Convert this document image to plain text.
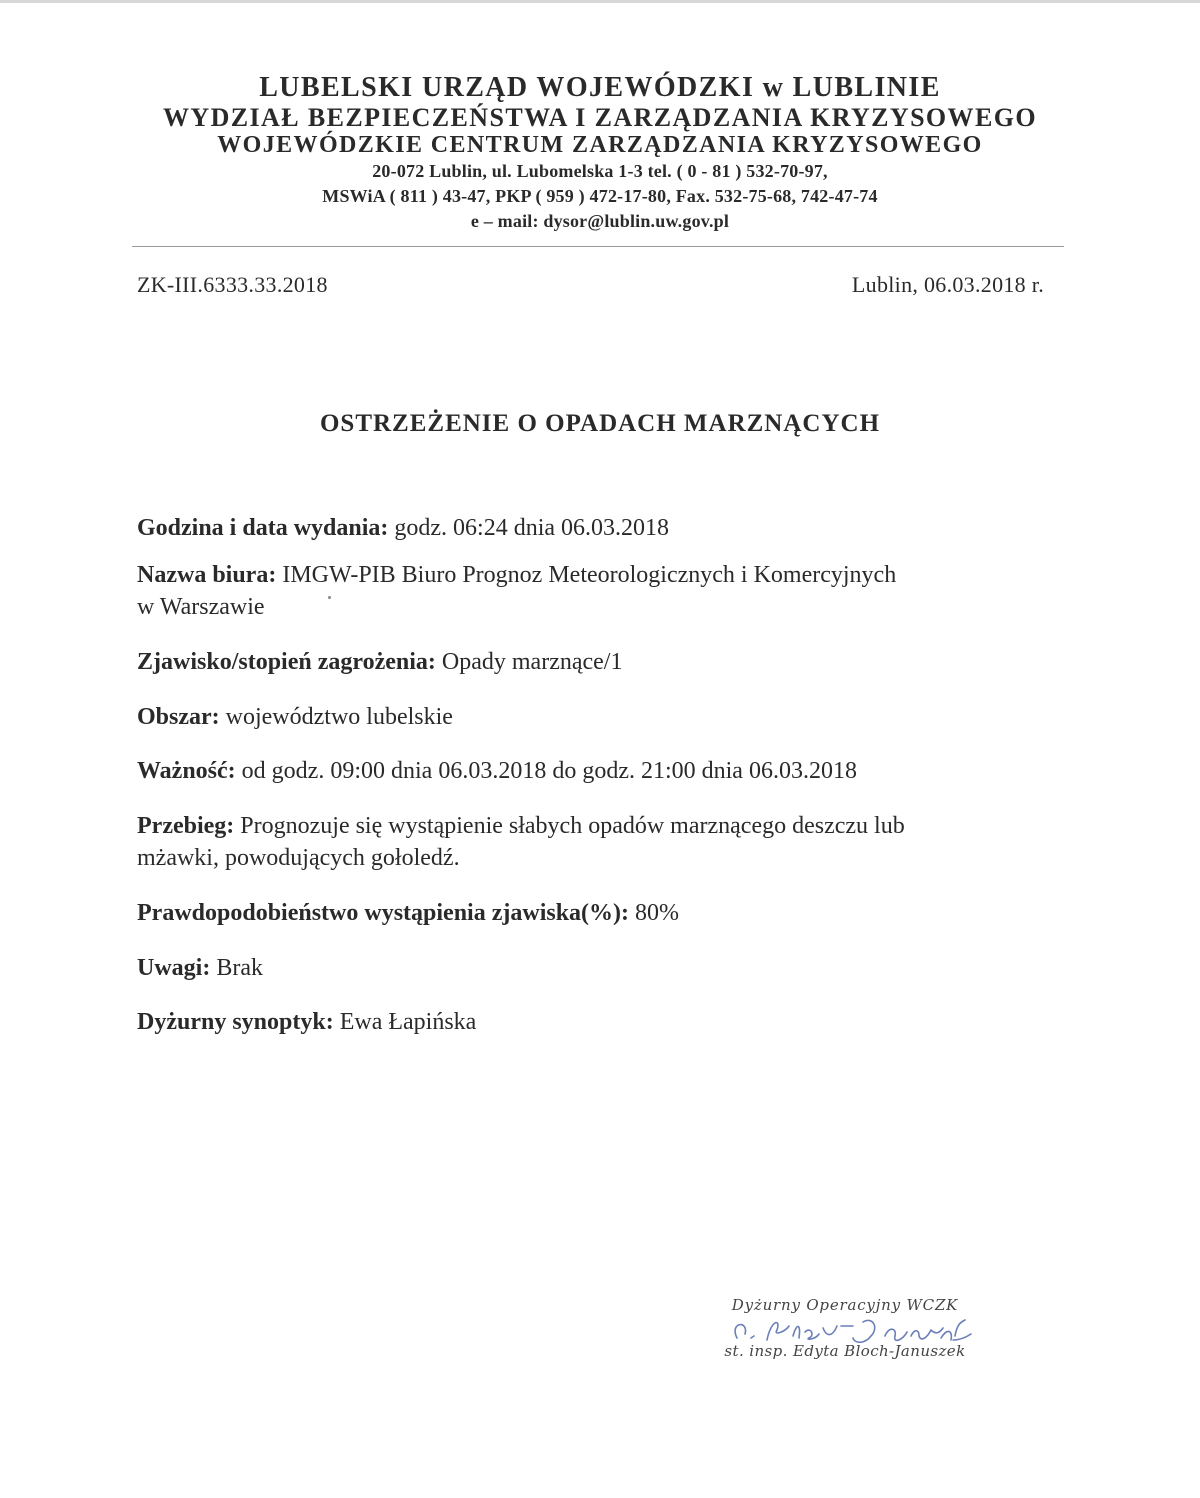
LUBELSKI URZĄD WOJEWÓDZKI w LUBLINIE
WYDZIAŁ BEZPIECZEŃSTWA I ZARZĄDZANIA KRYZYSOWEGO
WOJEWÓDZKIE CENTRUM ZARZĄDZANIA KRYZYSOWEGO
20-072 Lublin, ul. Lubomelska 1-3 tel. ( 0 - 81 ) 532-70-97,
MSWiA ( 811 ) 43-47, PKP ( 959 ) 472-17-80, Fax. 532-75-68, 742-47-74
e – mail: dysor@lublin.uw.gov.pl
ZK-III.6333.33.2018	Lublin, 06.03.2018 r.
OSTRZEŻENIE O OPADACH MARZNĄCYCH

Godzina i data wydania: godz. 06:24 dnia 06.03.2018

Nazwa biura: IMGW-PIB Biuro Prognoz Meteorologicznych i Komercyjnych
w Warszawie

Zjawisko/stopień zagrożenia: Opady marznące/1

Obszar: województwo lubelskie

Ważność: od godz. 09:00 dnia 06.03.2018 do godz. 21:00 dnia 06.03.2018

Przebieg: Prognozuje się wystąpienie słabych opadów marznącego deszczu lub
mżawki, powodujących gołoledź.

Prawdopodobieństwo wystąpienia zjawiska(%): 80%

Uwagi: Brak

Dyżurny synoptyk: Ewa Łapińska

Dyżurny Operacyjny WCZK
st. insp. Edyta Bloch-Januszek
